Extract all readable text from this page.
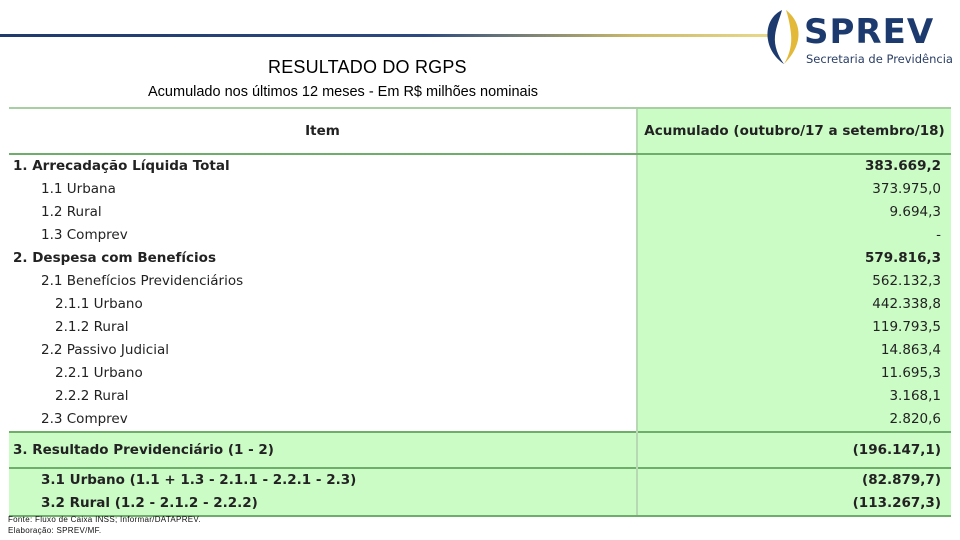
SPREV
Secretaria de Previdência
RESULTADO DO RGPS
Acumulado nos últimos 12 meses - Em R$ milhões nominais
Item	Acumulado (outubro/17 a setembro/18)
1. Arrecadação Líquida Total	383.669,2
1.1 Urbana	373.975,0
1.2 Rural	9.694,3
1.3 Comprev	-
2. Despesa com Benefícios	579.816,3
2.1 Benefícios Previdenciários	562.132,3
2.1.1 Urbano	442.338,8
2.1.2 Rural	119.793,5
2.2 Passivo Judicial	14.863,4
2.2.1 Urbano	11.695,3
2.2.2 Rural	3.168,1
2.3 Comprev	2.820,6
3. Resultado Previdenciário (1 - 2)	(196.147,1)
3.1 Urbano (1.1 + 1.3 - 2.1.1 - 2.2.1 - 2.3)	(82.879,7)
3.2 Rural (1.2 - 2.1.2 - 2.2.2)	(113.267,3)
Fonte: Fluxo de Caixa INSS; Informar/DATAPREV.
Elaboração: SPREV/MF.
